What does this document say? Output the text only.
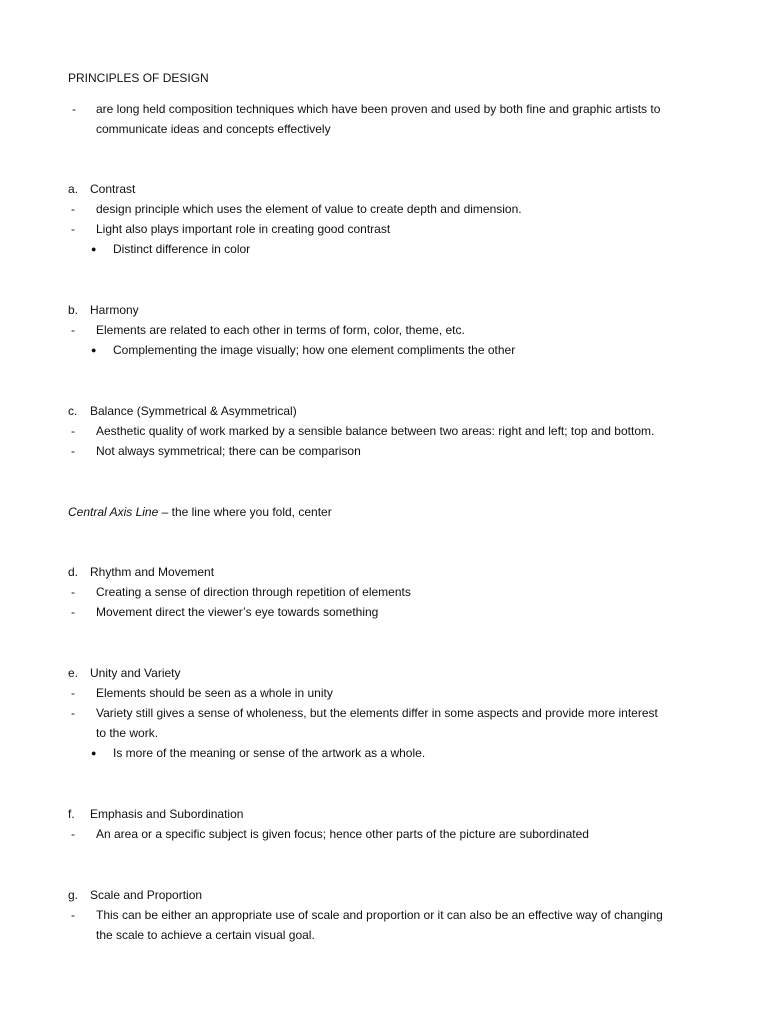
PRINCIPLES OF DESIGN
-	are long held composition techniques which have been proven and used by both fine and graphic artists to
communicate ideas and concepts effectively
a. Contrast
-	design principle which uses the element of value to create depth and dimension.
-	Light also plays important role in creating good contrast
● Distinct difference in color
b. Harmony
-	Elements are related to each other in terms of form, color, theme, etc.
● Complementing the image visually; how one element compliments the other
c. Balance (Symmetrical & Asymmetrical)
-	Aesthetic quality of work marked by a sensible balance between two areas: right and left; top and bottom.
-	Not always symmetrical; there can be comparison
Central Axis Line – the line where you fold, center
d. Rhythm and Movement
-	Creating a sense of direction through repetition of elements
-	Movement direct the viewer’s eye towards something
e. Unity and Variety
-	Elements should be seen as a whole in unity
-	Variety still gives a sense of wholeness, but the elements differ in some aspects and provide more interest
to the work.
● Is more of the meaning or sense of the artwork as a whole.
f. Emphasis and Subordination
-	An area or a specific subject is given focus; hence other parts of the picture are subordinated
g. Scale and Proportion
-	This can be either an appropriate use of scale and proportion or it can also be an effective way of changing
the scale to achieve a certain visual goal.
